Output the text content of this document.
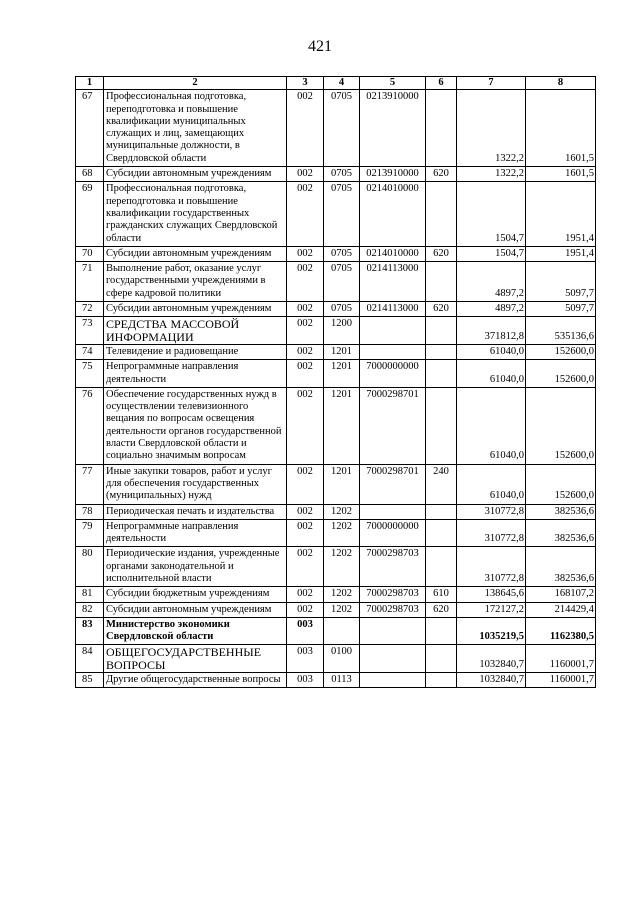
421
1	2	3	4	5	6	7	8
67	Профессиональная подготовка, переподготовка и повышение квалификации муниципальных служащих и лиц, замещающих муниципальные должности, в Свердловской области	002	0705	0213910000		1322,2	1601,5
68	Субсидии автономным учреждениям	002	0705	0213910000	620	1322,2	1601,5
69	Профессиональная подготовка, переподготовка и повышение квалификации государственных гражданских служащих Свердловской области	002	0705	0214010000		1504,7	1951,4
70	Субсидии автономным учреждениям	002	0705	0214010000	620	1504,7	1951,4
71	Выполнение работ, оказание услуг государственными учреждениями в сфере кадровой политики	002	0705	0214113000		4897,2	5097,7
72	Субсидии автономным учреждениям	002	0705	0214113000	620	4897,2	5097,7
73	СРЕДСТВА МАССОВОЙ ИНФОРМАЦИИ	002	1200			371812,8	535136,6
74	Телевидение и радиовещание	002	1201			61040,0	152600,0
75	Непрограммные направления деятельности	002	1201	7000000000		61040,0	152600,0
76	Обеспечение государственных нужд в осуществлении телевизионного вещания по вопросам освещения деятельности органов государственной власти Свердловской области и социально значимым вопросам	002	1201	7000298701		61040,0	152600,0
77	Иные закупки товаров, работ и услуг для обеспечения государственных (муниципальных) нужд	002	1201	7000298701	240	61040,0	152600,0
78	Периодическая печать и издательства	002	1202			310772,8	382536,6
79	Непрограммные направления деятельности	002	1202	7000000000		310772,8	382536,6
80	Периодические издания, учрежденные органами законодательной и исполнительной власти	002	1202	7000298703		310772,8	382536,6
81	Субсидии бюджетным учреждениям	002	1202	7000298703	610	138645,6	168107,2
82	Субсидии автономным учреждениям	002	1202	7000298703	620	172127,2	214429,4
83	Министерство экономики Свердловской области	003				1035219,5	1162380,5
84	ОБЩЕГОСУДАРСТВЕННЫЕ ВОПРОСЫ	003	0100			1032840,7	1160001,7
85	Другие общегосударственные вопросы	003	0113			1032840,7	1160001,7
